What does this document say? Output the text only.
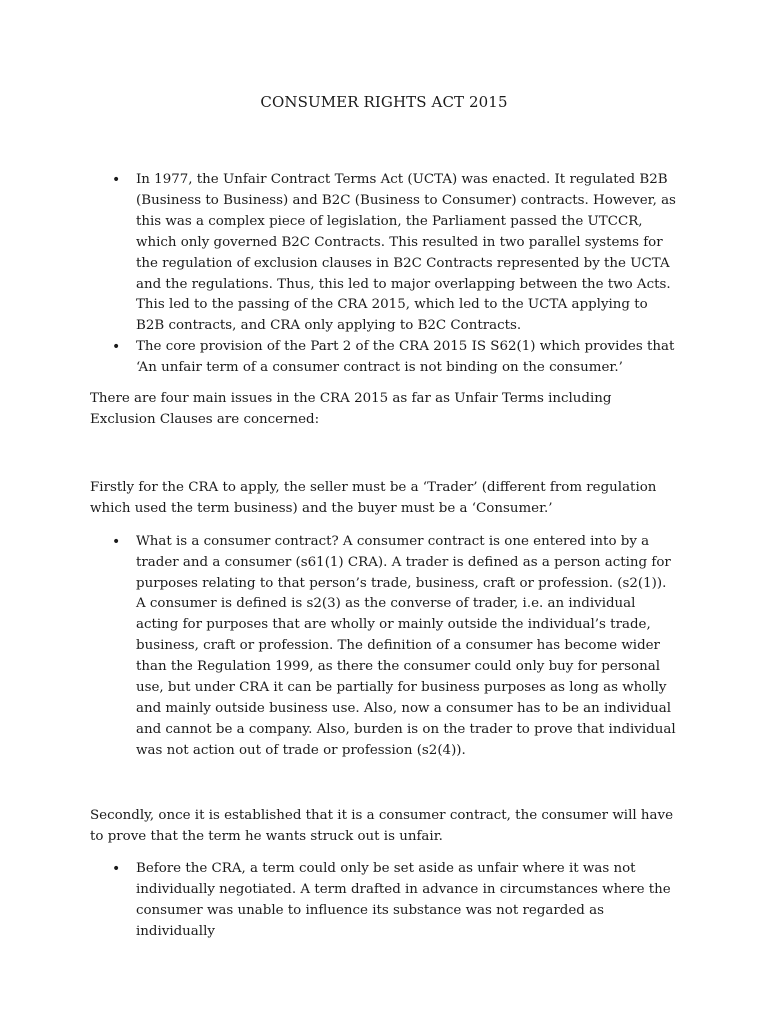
CONSUMER RIGHTS ACT 2015
• In 1977, the Unfair Contract Terms Act (UCTA) was enacted. It regulated B2B (Business to Business) and B2C (Business to Consumer) contracts. However, as this was a complex piece of legislation, the Parliament passed the UTCCR, which only governed B2C Contracts. This resulted in two parallel systems for the regulation of exclusion clauses in B2C Contracts represented by the UCTA and the regulations. Thus, this led to major overlapping between the two Acts. This led to the passing of the CRA 2015, which led to the UCTA applying to B2B contracts, and CRA only applying to B2C Contracts.
• The core provision of the Part 2 of the CRA 2015 IS S62(1) which provides that ‘An unfair term of a consumer contract is not binding on the consumer.’

There are four main issues in the CRA 2015 as far as Unfair Terms including Exclusion Clauses are concerned:

Firstly for the CRA to apply, the seller must be a ‘Trader’ (different from regulation which used the term business) and the buyer must be a ‘Consumer.’

• What is a consumer contract? A consumer contract is one entered into by a trader and a consumer (s61(1) CRA). A trader is defined as a person acting for purposes relating to that person’s trade, business, craft or profession. (s2(1)). A consumer is defined is s2(3) as the converse of trader, i.e. an individual acting for purposes that are wholly or mainly outside the individual’s trade, business, craft or profession. The definition of a consumer has become wider than the Regulation 1999, as there the consumer could only buy for personal use, but under CRA it can be partially for business purposes as long as wholly and mainly outside business use. Also, now a consumer has to be an individual and cannot be a company. Also, burden is on the trader to prove that individual was not action out of trade or profession (s2(4)).

Secondly, once it is established that it is a consumer contract, the consumer will have to prove that the term he wants struck out is unfair.

• Before the CRA, a term could only be set aside as unfair where it was not individually negotiated. A term drafted in advance in circumstances where the consumer was unable to influence its substance was not regarded as individually
